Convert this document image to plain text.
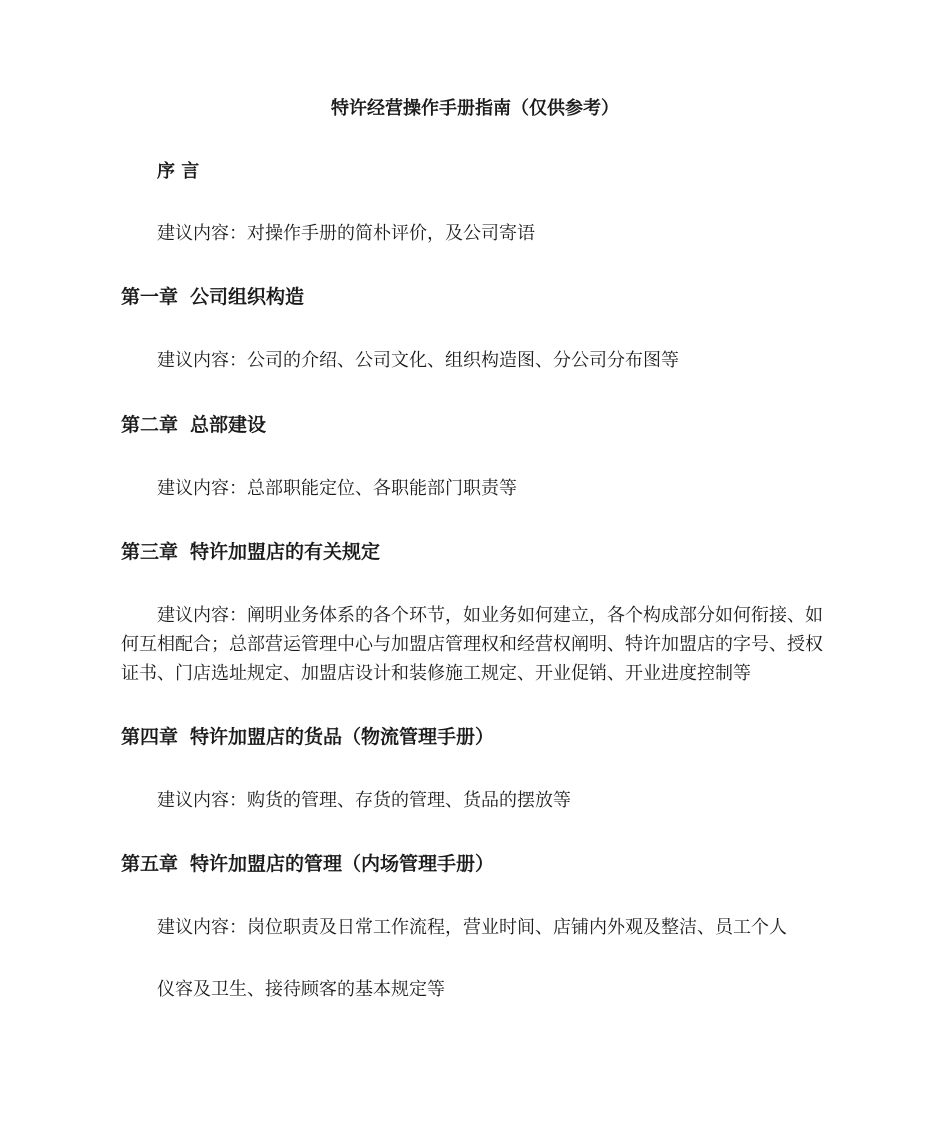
特许经营操作手册指南（仅供参考）
序 言
建议内容：对操作手册的简朴评价，及公司寄语
第一章 公司组织构造
建议内容：公司的介绍、公司文化、组织构造图、分公司分布图等
第二章 总部建设
建议内容：总部职能定位、各职能部门职责等
第三章 特许加盟店的有关规定
建议内容：阐明业务体系的各个环节，如业务如何建立，各个构成部分如何衔接、如
何互相配合；总部营运管理中心与加盟店管理权和经营权阐明、特许加盟店的字号、授权
证书、门店选址规定、加盟店设计和装修施工规定、开业促销、开业进度控制等
第四章 特许加盟店的货品（物流管理手册）
建议内容：购货的管理、存货的管理、货品的摆放等
第五章 特许加盟店的管理（内场管理手册）
建议内容：岗位职责及日常工作流程，营业时间、店铺内外观及整洁、员工个人
仪容及卫生、接待顾客的基本规定等
